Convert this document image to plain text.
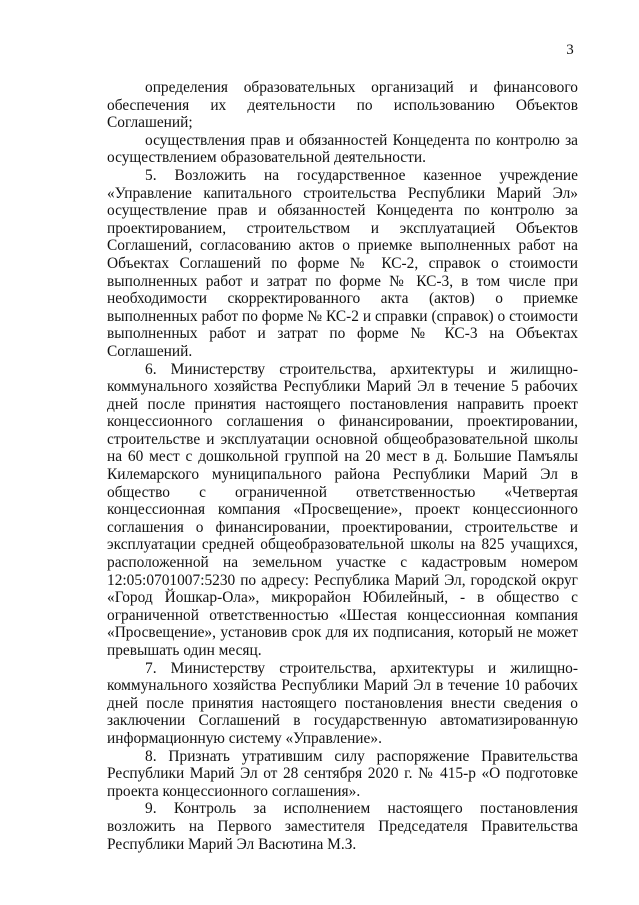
3

определения образовательных организаций и финансового обеспечения их деятельности по использованию Объектов Соглашений;

осуществления прав и обязанностей Концедента по контролю за осуществлением образовательной деятельности.

5. Возложить на государственное казенное учреждение «Управление капитального строительства Республики Марий Эл» осуществление прав и обязанностей Концедента по контролю за проектированием, строительством и эксплуатацией Объектов Соглашений, согласованию актов о приемке выполненных работ на Объектах Соглашений по форме № КС-2, справок о стоимости выполненных работ и затрат по форме № КС-3, в том числе при необходимости скорректированного акта (актов) о приемке выполненных работ по форме № КС-2 и справки (справок) о стоимости выполненных работ и затрат по форме № КС-3 на Объектах Соглашений.

6. Министерству строительства, архитектуры и жилищно-коммунального хозяйства Республики Марий Эл в течение 5 рабочих дней после принятия настоящего постановления направить проект концессионного соглашения о финансировании, проектировании, строительстве и эксплуатации основной общеобразовательной школы на 60 мест с дошкольной группой на 20 мест в д. Большие Памъялы Килемарского муниципального района Республики Марий Эл в общество с ограниченной ответственностью «Четвертая концессионная компания «Просвещение», проект концессионного соглашения о финансировании, проектировании, строительстве и эксплуатации средней общеобразовательной школы на 825 учащихся, расположенной на земельном участке с кадастровым номером 12:05:0701007:5230 по адресу: Республика Марий Эл, городской округ «Город Йошкар-Ола», микрорайон Юбилейный, - в общество с ограниченной ответственностью «Шестая концессионная компания «Просвещение», установив срок для их подписания, который не может превышать один месяц.

7. Министерству строительства, архитектуры и жилищно-коммунального хозяйства Республики Марий Эл в течение 10 рабочих дней после принятия настоящего постановления внести сведения о заключении Соглашений в государственную автоматизированную информационную систему «Управление».

8. Признать утратившим силу распоряжение Правительства Республики Марий Эл от 28 сентября 2020 г. № 415-р «О подготовке проекта концессионного соглашения».

9. Контроль за исполнением настоящего постановления возложить на Первого заместителя Председателя Правительства Республики Марий Эл Васютина М.З.
